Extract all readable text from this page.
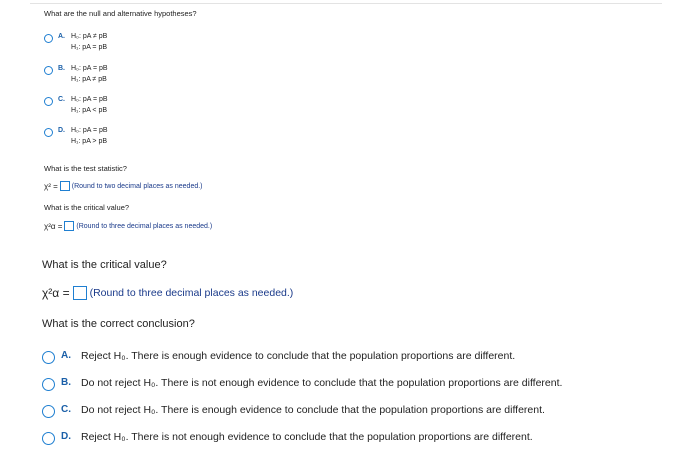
What are the null and alternative hypotheses?
A. H₀: pA ≠ pB
H₁: pA = pB
B. H₀: pA = pB
H₁: pA ≠ pB
C. H₀: pA = pB
H₁: pA < pB
D. H₀: pA = pB
H₁: pA > pB
What is the test statistic?
χ² = (Round to two decimal places as needed.)
What is the critical value?
χ²α = (Round to three decimal places as needed.)
What is the critical value?
χ²α = (Round to three decimal places as needed.)
What is the correct conclusion?
A. Reject H₀. There is enough evidence to conclude that the population proportions are different.
B. Do not reject H₀. There is not enough evidence to conclude that the population proportions are different.
C. Do not reject H₀. There is enough evidence to conclude that the population proportions are different.
D. Reject H₀. There is not enough evidence to conclude that the population proportions are different.
